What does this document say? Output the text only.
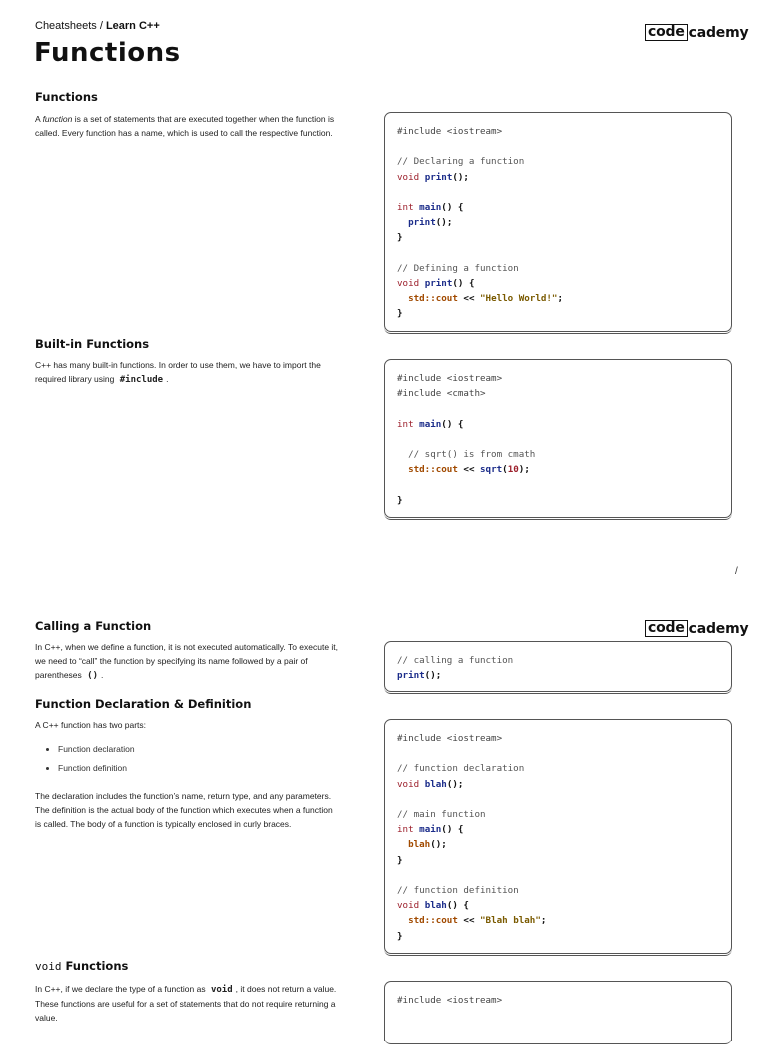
Cheatsheets / Learn C++	code cademy
Functions
Functions
A function is a set of statements that are executed together when the function is called. Every function has a name, which is used to call the respective function.	#include <iostream>

// Declaring a function
void print();

int main() {
print();
}

// Defining a function
void print() {
std::cout << "Hello World!";
}
Built-in Functions
C++ has many built-in functions. In order to use them, we have to import the required library using #include .	#include <iostream>
#include <cmath>

int main() {

// sqrt() is from cmath
std::cout << sqrt(10);

}
/
code cademy
Calling a Function
In C++, when we define a function, it is not executed automatically. To execute it, we need to “call” the function by specifying its name followed by a pair of parentheses () .
// calling a function
print();
Function Declaration & Definition
A C++ function has two parts:
• Function declaration
• Function definition
The declaration includes the function’s name, return type, and any parameters. The definition is the actual body of the function which executes when a function is called. The body of a function is typically enclosed in curly braces.
#include <iostream>

// function declaration
void blah();

// main function
int main() {
blah();
}

// function definition
void blah() {
std::cout << "Blah blah";
}
void Functions
In C++, if we declare the type of a function as void , it does not return a value. These functions are useful for a set of statements that do not require returning a value.
#include <iostream>
